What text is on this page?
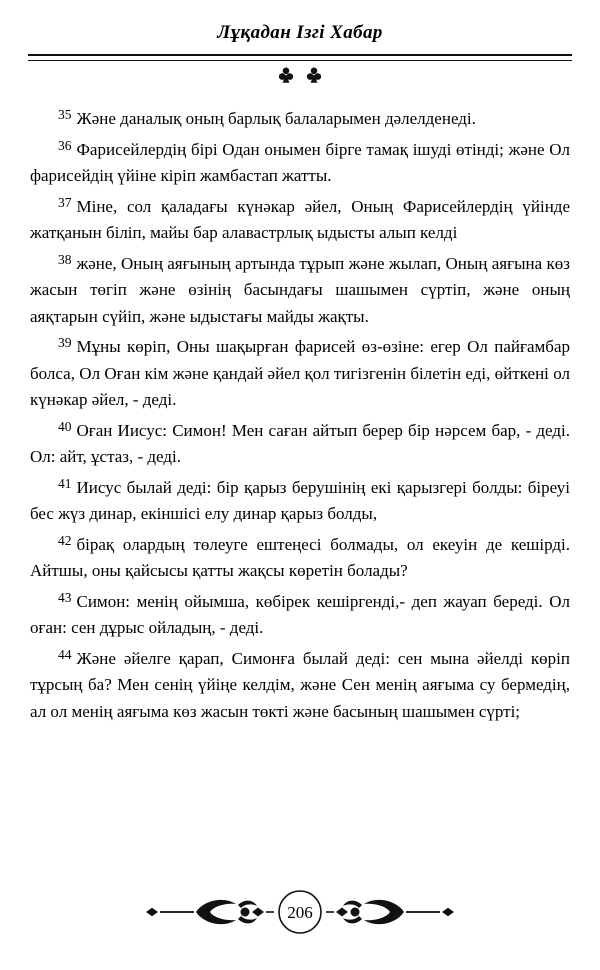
Лұқадан Ізгі Хабар

$^{35}$ Және даналық оның барлық балаларымен дәлелденеді.

$^{36}$ Фарисейлердің бірі Одан онымен бірге тамақ ішуді өтінді; және Ол фарисейдің үйіне кіріп жамбастап жатты.

$^{37}$ Міне, сол қаладағы күнәкар әйел, Оның Фарисейлердің үйінде жатқанын біліп, майы бар алавастрлық ыдысты алып келді

$^{38}$ және, Оның аяғының артында тұрып және жылап, Оның аяғына көз жасын төгіп және өзінің басындағы шашымен сүртіп, және оның аяқтарын сүйіп, және ыдыстағы майды жақты.

$^{39}$ Мұны көріп, Оны шақырған фарисей өз-өзіне: егер Ол пайғамбар болса, Ол Оған кім және қандай әйел қол тигізгенін білетін еді, өйткені ол күнәкар әйел, - деді.

$^{40}$ Оған Иисус: Симон! Мен саған айтып берер бір нәрсем бар, - деді. Ол: айт, ұстаз, - деді.

$^{41}$ Иисус былай деді: бір қарыз берушінің екі қарызгері болды: біреуі бес жүз динар, екіншісі елу динар қарыз болды,

$^{42}$ бірақ олардың төлеуге ештеңесі болмады, ол екеуін де кешірді. Айтшы, оны қайсысы қатты жақсы көретін болады?

$^{43}$ Симон: менің ойымша, көбірек кешіргенді,- деп жауап береді. Ол оған: сен дұрыс ойладың, - деді.

$^{44}$ Және әйелге қарап, Симонға былай деді: сен мына әйелді көріп тұрсың ба? Мен сенің үйіңе келдім, және Сен менің аяғыма су бермедің, ал ол менің аяғыма көз жасын төкті және басының шашымен сүрті;

206
